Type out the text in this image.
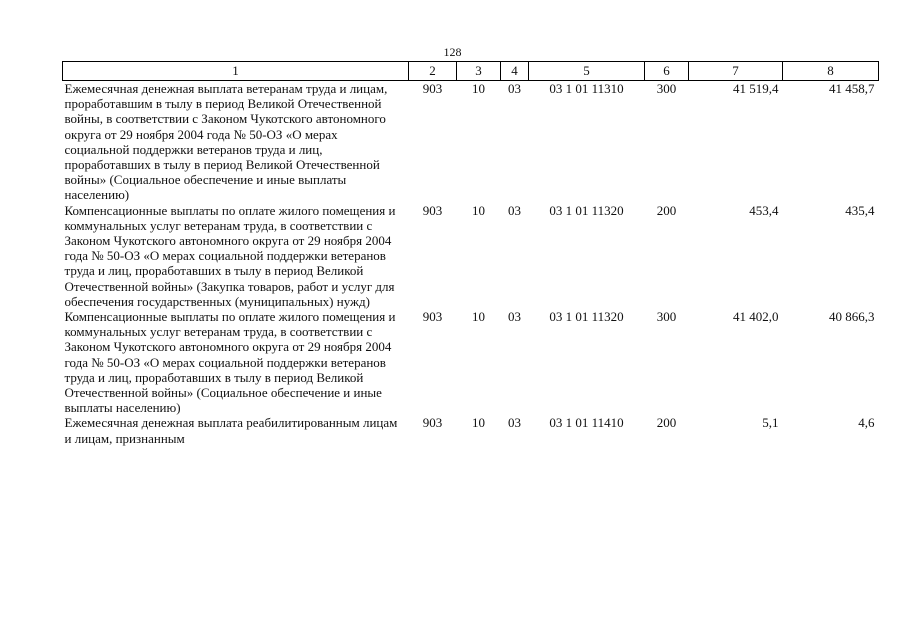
128
1	2	3	4	5	6	7	8
Ежемесячная денежная выплата ветеранам труда и лицам, проработавшим в тылу в период Великой Отечественной войны, в соответствии с Законом Чукотского автономного округа от 29 ноября 2004 года № 50-ОЗ «О мерах социальной поддержки ветеранов труда и лиц, проработавших в тылу в период Великой Отечественной войны» (Социальное обеспечение и иные выплаты населению)	903	10	03	03 1 01 11310	300	41 519,4	41 458,7
Компенсационные выплаты по оплате жилого помещения и коммунальных услуг ветеранам труда, в соответствии с Законом Чукотского автономного округа от 29 ноября 2004 года № 50-ОЗ «О мерах социальной поддержки ветеранов труда и лиц, проработавших в тылу в период Великой Отечественной войны» (Закупка товаров, работ и услуг для обеспечения государственных (муниципальных) нужд)	903	10	03	03 1 01 11320	200	453,4	435,4
Компенсационные выплаты по оплате жилого помещения и коммунальных услуг ветеранам труда, в соответствии с Законом Чукотского автономного округа от 29 ноября 2004 года № 50-ОЗ «О мерах социальной поддержки ветеранов труда и лиц, проработавших в тылу в период Великой Отечественной войны» (Социальное обеспечение и иные выплаты населению)	903	10	03	03 1 01 11320	300	41 402,0	40 866,3
Ежемесячная денежная выплата реабилитированным лицам и лицам, признанным	903	10	03	03 1 01 11410	200	5,1	4,6
